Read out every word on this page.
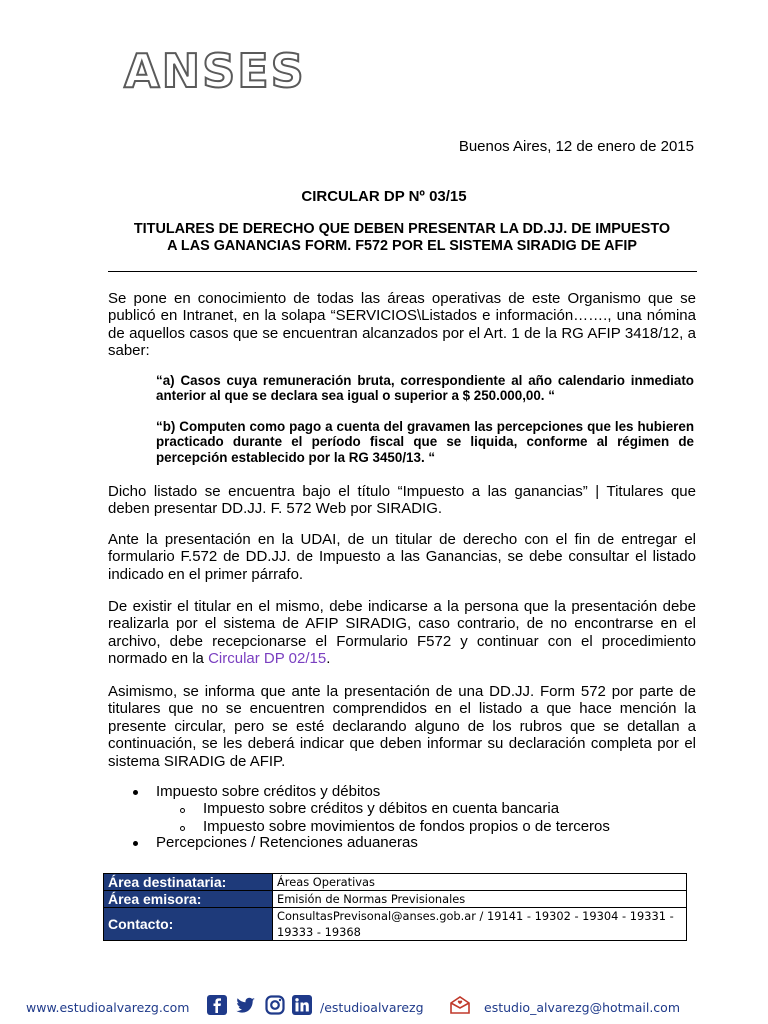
ANSES
Buenos Aires, 12 de enero de 2015
CIRCULAR DP Nº 03/15
TITULARES DE DERECHO QUE DEBEN PRESENTAR LA DD.JJ. DE IMPUESTO
A LAS GANANCIAS FORM. F572 POR EL SISTEMA SIRADIG DE AFIP

Se pone en conocimiento de todas las áreas operativas de este Organismo que se publicó en Intranet, en la solapa “SERVICIOS\Listados e información……., una nómina de aquellos casos que se encuentran alcanzados por el Art. 1 de la RG AFIP 3418/12, a saber:

“a) Casos cuya remuneración bruta, correspondiente al año calendario inmediato anterior al que se declara sea igual o superior a $ 250.000,00. “

“b) Computen como pago a cuenta del gravamen las percepciones que les hubieren practicado durante el período fiscal que se liquida, conforme al régimen de percepción establecido por la RG 3450/13. “

Dicho listado se encuentra bajo el título “Impuesto a las ganancias” | Titulares que deben presentar DD.JJ. F. 572 Web por SIRADIG.

Ante la presentación en la UDAI, de un titular de derecho con el fin de entregar el formulario F.572 de DD.JJ. de Impuesto a las Ganancias, se debe consultar el listado indicado en el primer párrafo.

De existir el titular en el mismo, debe indicarse a la persona que la presentación debe realizarla por el sistema de AFIP SIRADIG, caso contrario, de no encontrarse en el archivo, debe recepcionarse el Formulario F572 y continuar con el procedimiento normado en la Circular DP 02/15.

Asimismo, se informa que ante la presentación de una DD.JJ. Form 572 por parte de titulares que no se encuentren comprendidos en el listado a que hace mención la presente circular, pero se esté declarando alguno de los rubros que se detallan a continuación, se les deberá indicar que deben informar su declaración completa por el sistema SIRADIG de AFIP.

Impuesto sobre créditos y débitos
Impuesto sobre créditos y débitos en cuenta bancaria
Impuesto sobre movimientos de fondos propios o de terceros
Percepciones / Retenciones aduaneras
Área destinataria:	Áreas Operativas
Área emisora:	Emisión de Normas Previsionales
Contacto:	ConsultasPrevisonal@anses.gob.ar / 19141 - 19302 - 19304 - 19331 - 19333 - 19368
www.estudioalvarezg.com	/estudioalvarezg	estudio_alvarezg@hotmail.com
